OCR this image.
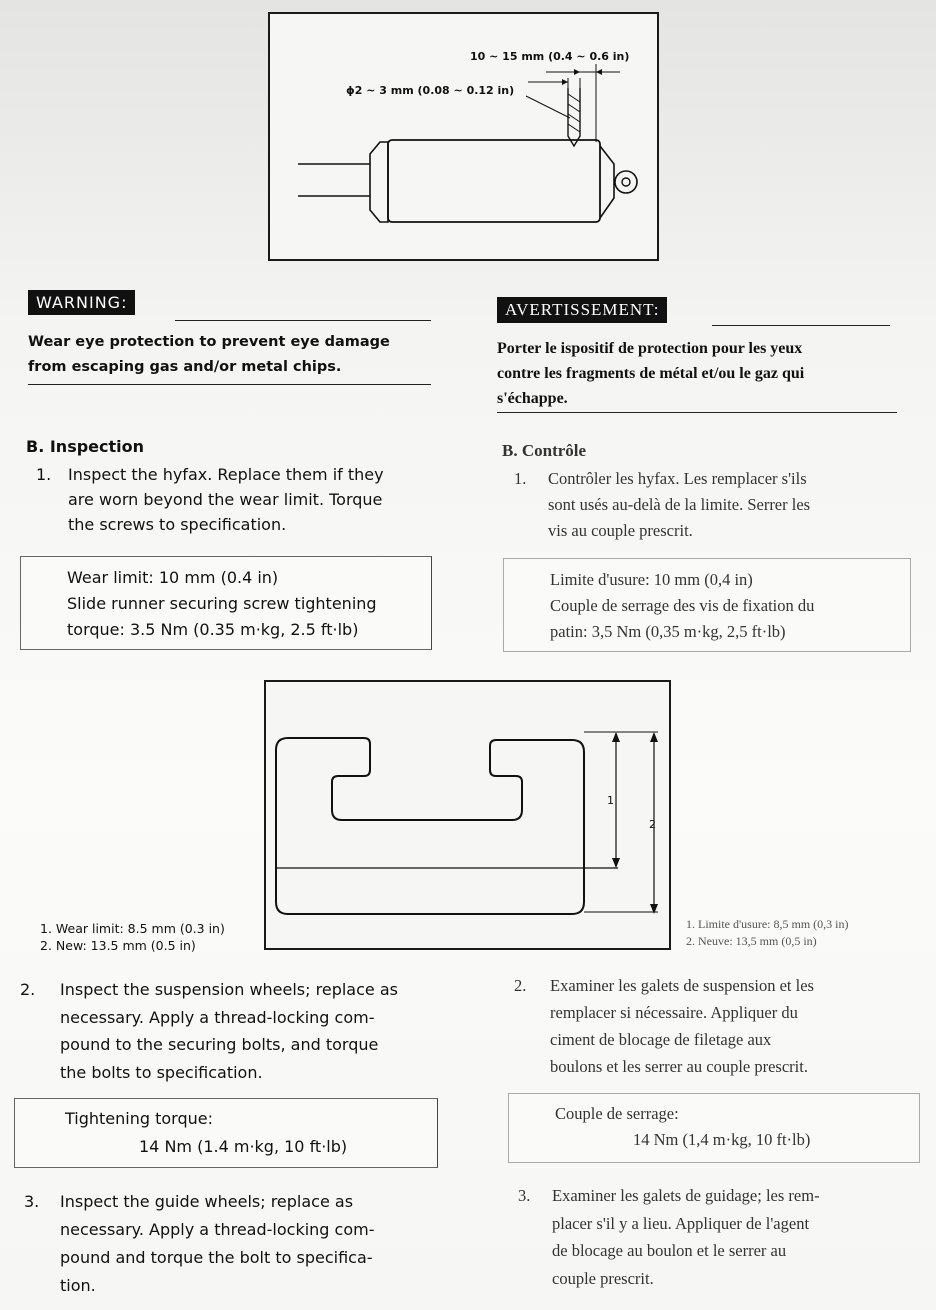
10 ~ 15 mm (0.4 ~ 0.6 in)
ϕ2 ~ 3 mm (0.08 ~ 0.12 in)
WARNING:
Wear eye protection to prevent eye damage
from escaping gas and/or metal chips.
AVERTISSEMENT:
Porter le ispositif de protection pour les yeux
contre les fragments de métal et/ou le gaz qui
s'échappe.
B. Inspection
1. Inspect the hyfax. Replace them if they
are worn beyond the wear limit. Torque
the screws to specification.
Wear limit: 10 mm (0.4 in)
Slide runner securing screw tightening
torque: 3.5 Nm (0.35 m·kg, 2.5 ft·lb)
2. Inspect the suspension wheels; replace as
necessary. Apply a thread-locking com-
pound to the securing bolts, and torque
the bolts to specification.
Tightening torque:
14 Nm (1.4 m·kg, 10 ft·lb)
3. Inspect the guide wheels; replace as
necessary. Apply a thread-locking com-
pound and torque the bolt to specifica-
tion.
B. Contrôle
1. Contrôler les hyfax. Les remplacer s'ils
sont usés au-delà de la limite. Serrer les
vis au couple prescrit.
Limite d'usure: 10 mm (0,4 in)
Couple de serrage des vis de fixation du
patin: 3,5 Nm (0,35 m·kg, 2,5 ft·lb)
2. Examiner les galets de suspension et les
remplacer si nécessaire. Appliquer du
ciment de blocage de filetage aux
boulons et les serrer au couple prescrit.
Couple de serrage:
14 Nm (1,4 m·kg, 10 ft·lb)
3. Examiner les galets de guidage; les rem-
placer s'il y a lieu. Appliquer de l'agent
de blocage au boulon et le serrer au
couple prescrit.
1
2
1. Wear limit: 8.5 mm (0.3 in)
2. New: 13.5 mm (0.5 in)
1. Limite d'usure: 8,5 mm (0,3 in)
2. Neuve: 13,5 mm (0,5 in)
